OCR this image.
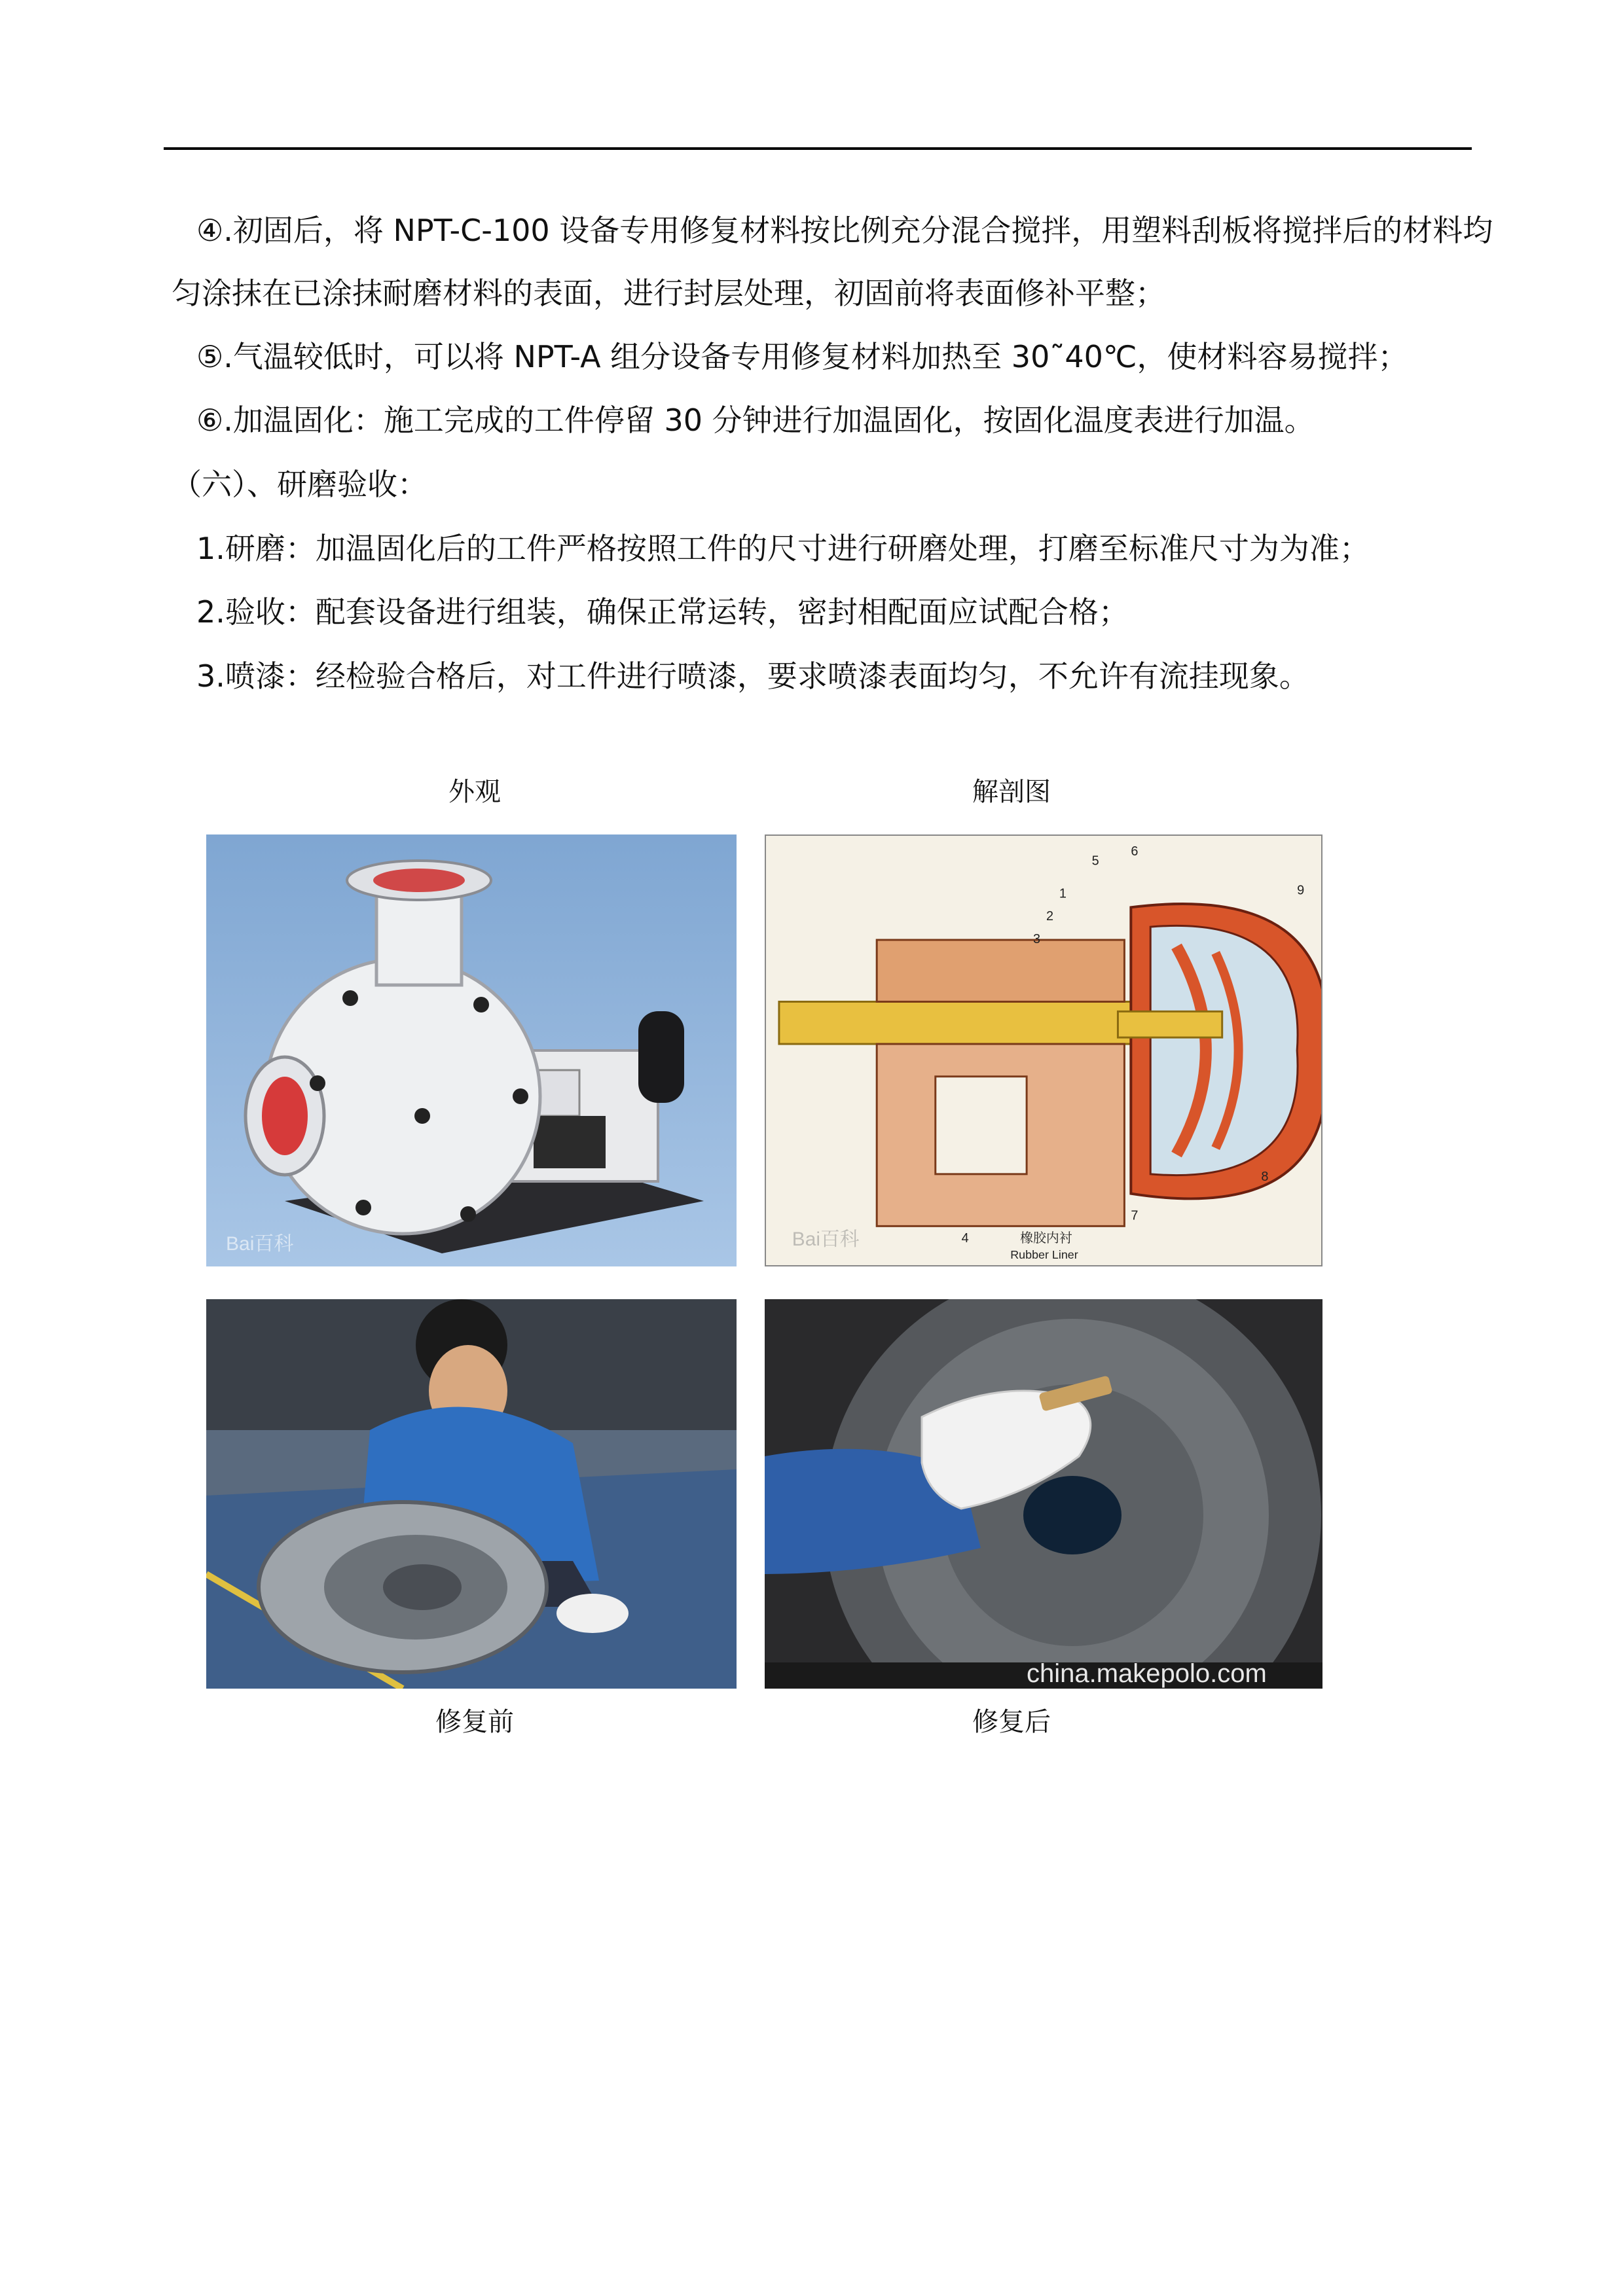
④.初固后，将 NPT-C-100 设备专用修复材料按比例充分混合搅拌，用塑料刮板将搅拌后的材料均
匀涂抹在已涂抹耐磨材料的表面，进行封层处理，初固前将表面修补平整；
⑤.气温较低时，可以将 NPT-A 组分设备专用修复材料加热至 30˜40℃，使材料容易搅拌；
⑥.加温固化：施工完成的工件停留 30 分钟进行加温固化，按固化温度表进行加温。
（六）、研磨验收：
1.研磨：加温固化后的工件严格按照工件的尺寸进行研磨处理，打磨至标准尺寸为为准；
2.验收：配套设备进行组装，确保正常运转，密封相配面应试配合格；
3.喷漆：经检验合格后，对工件进行喷漆，要求喷漆表面均匀，不允许有流挂现象。
外观	解剖图
Bai百科
1
2
3
4
5
6
7
8
9
橡胶内衬
Rubber Liner
Bai百科
china.makepolo.com
修复前	修复后
